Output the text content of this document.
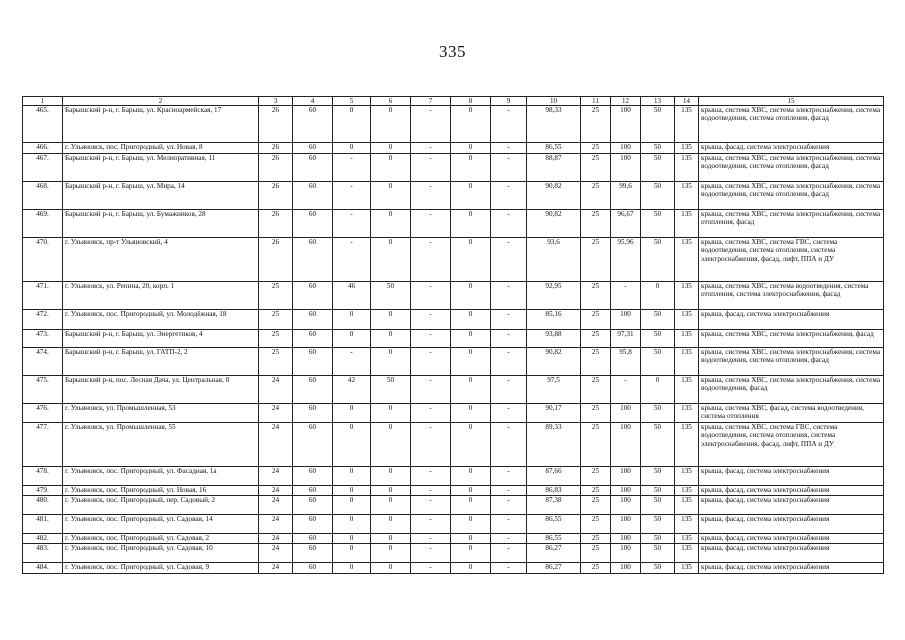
335
1	2	3	4	5	6	7	8	9	10	11	12	13	14	15
465.	Барышский р-н, г. Барыш, ул. Красноармейская, 17	26	60	0	0	-	0	-	98,33	25	100	50	135	крыша, система ХВС, система электроснабжения, система водоотведения, система отопления, фасад
466.	г. Ульяновск, пос. Пригородный, ул. Новая, 8	26	60	0	0	-	0	-	86,55	25	100	50	135	крыша, фасад, система электроснабжения
467.	Барышский р-н, г. Барыш, ул. Мелиоративная, 11	26	60	-	0	-	0	-	88,87	25	100	50	135	крыша, система ХВС, система электроснабжения, система водоотведения, система отопления, фасад
468.	Барышский р-н, г. Барыш, ул. Мира, 14	26	60	-	0	-	0	-	90,82	25	99,6	50	135	крыша, система ХВС, система электроснабжения, система водоотведения, система отопления, фасад
469.	Барышский р-н, г. Барыш, ул. Бумажников, 28	26	60	-	0	-	0	-	90,82	25	96,67	50	135	крыша, система ХВС, система электроснабжения, система отопления, фасад
470.	г. Ульяновск, пр-т Ульяновский, 4	26	60	-	0	-	0	-	93,6	25	95,96	50	135	крыша, система ХВС, система ГВС, система водоотведения, система отопления, система электроснабжения, фасад, лифт, ППА и ДУ
471.	г. Ульяновск, ул. Репина, 20, корп. 1	25	60	46	50	-	0	-	92,95	25	-	0	135	крыша, система ХВС, система водоотведения, система отопления, система электроснабжения, фасад
472.	г. Ульяновск, пос. Пригородный, ул. Молодёжная, 18	25	60	0	0	-	0	-	85,16	25	100	50	135	крыша, фасад, система электроснабжения
473.	Барышский р-н, г. Барыш, ул. Энергетиков, 4	25	60	0	0	-	0	-	93,88	25	97,31	50	135	крыша, система ХВС, система электроснабжения, фасад
474.	Барышский р-н, г. Барыш, ул. ГАТП-2, 2	25	60	-	0	-	0	-	90,82	25	95,8	50	135	крыша, система ХВС, система электроснабжения, система водоотведения, система отопления, фасад
475.	Барышский р-н, пос. Лесная Дача, ул. Центральная, 8	24	60	42	50	-	0	-	97,5	25	-	0	135	крыша, система ХВС, система электроснабжения, система водоотведения, фасад
476.	г. Ульяновск, ул. Промышленная, 53	24	60	0	0	-	0	-	90,17	25	100	50	135	крыша, система ХВС, фасад, система водоотведения, система отопления
477.	г. Ульяновск, ул. Промышленная, 55	24	60	0	0	-	0	-	89,33	25	100	50	135	крыша, система ХВС, система ГВС, система водоотведения, система отопления, система электроснабжения, фасад, лифт, ППА и ДУ
478.	г. Ульяновск, пос. Пригородный, ул. Фасадная, 1а	24	60	0	0	-	0	-	87,66	25	100	50	135	крыша, фасад, система электроснабжения
479.	г. Ульяновск, пос. Пригородный, ул. Новая, 16	24	60	0	0	-	0	-	86,83	25	100	50	135	крыша, фасад, система электроснабжения
480.	г. Ульяновск, пос. Пригородный, пер. Садовый, 2	24	60	0	0	-	0	-	87,38	25	100	50	135	крыша, фасад, система электроснабжения
481.	г. Ульяновск, пос. Пригородный, ул. Садовая, 14	24	60	0	0	-	0	-	86,55	25	100	50	135	крыша, фасад, система электроснабжения
482.	г. Ульяновск, пос. Пригородный, ул. Садовая, 2	24	60	0	0	-	0	-	86,55	25	100	50	135	крыша, фасад, система электроснабжения
483.	г. Ульяновск, пос. Пригородный, ул. Садовая, 10	24	60	0	0	-	0	-	86,27	25	100	50	135	крыша, фасад, система электроснабжения
484.	г. Ульяновск, пос. Пригородный, ул. Садовая, 9	24	60	0	0	-	0	-	86,27	25	100	50	135	крыша, фасад, система электроснабжения
